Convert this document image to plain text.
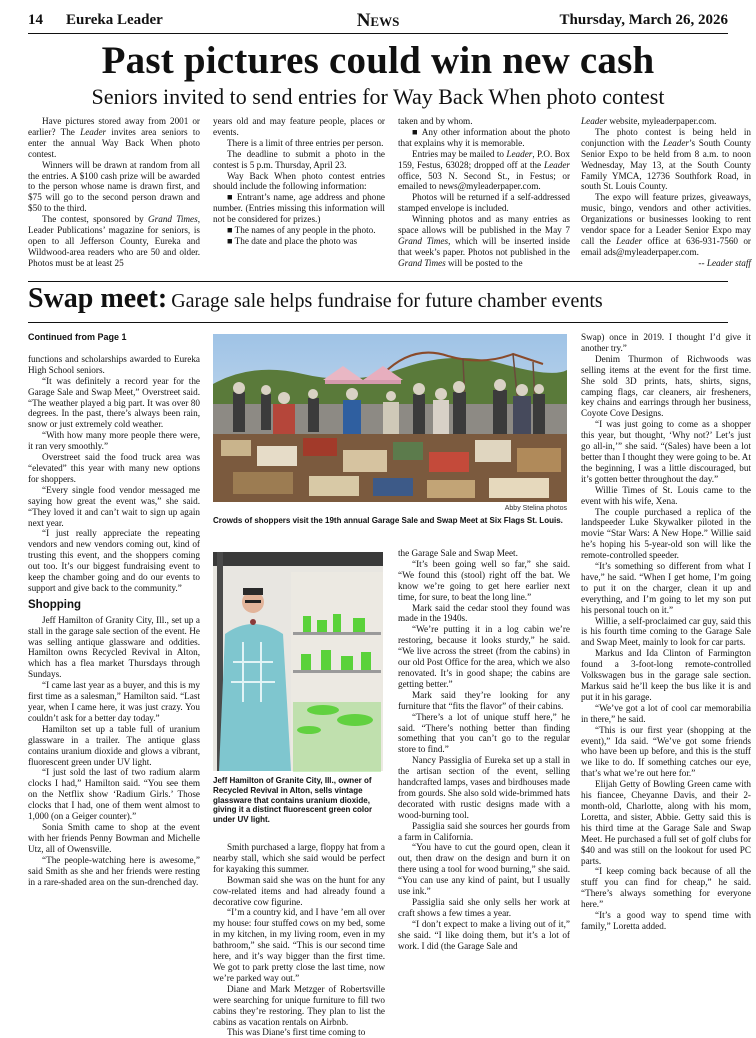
14 Eureka Leader	News	Thursday, March 26, 2026
Past pictures could win new cash
Seniors invited to send entries for Way Back When photo contest

Have pictures stored away from 2001 or earlier? The Leader invites area seniors to enter the annual Way Back When photo contest.

Winners will be drawn at random from all the entries. A $100 cash prize will be awarded to the person whose name is drawn first, and $75 will go to the second person drawn and $50 to the third.

The contest, sponsored by Grand Times, Leader Publications’ magazine for seniors, is open to all Jefferson County, Eureka and Wildwood-area readers who are 50 and older. Photos must be at least 25

years old and may feature people, places or events.

There is a limit of three entries per person.

The deadline to submit a photo in the contest is 5 p.m. Thursday, April 23.

Way Back When photo contest entries should include the following information:

■ Entrant’s name, age address and phone number. (Entries missing this information will not be considered for prizes.)

■ The names of any people in the photo.

■ The date and place the photo was

taken and by whom.

■ Any other information about the photo that explains why it is memorable.

Entries may be mailed to Leader, P.O. Box 159, Festus, 63028; dropped off at the Leader office, 503 N. Second St., in Festus; or emailed to news@myleaderpaper.com.

Photos will be returned if a self-addressed stamped envelope is included.

Winning photos and as many entries as space allows will be published in the May 7 Grand Times, which will be inserted inside that week’s paper. Photos not published in the Grand Times will be posted to the

Leader website, myleaderpaper.com.

The photo contest is being held in conjunction with the Leader’s South County Senior Expo to be held from 8 a.m. to noon Wednesday, May 13, at the South County Family YMCA, 12736 Southfork Road, in south St. Louis County.

The expo will feature prizes, giveaways, music, bingo, vendors and other activities. Organizations or businesses looking to rent vendor space for a Leader Senior Expo may call the Leader office at 636-931-7560 or email ads@myleaderpaper.com.

-- Leader staff

Swap meet: Garage sale helps fundraise for future chamber events

Continued from Page 1

functions and scholarships awarded to Eureka High School seniors.

“It was definitely a record year for the Garage Sale and Swap Meet,” Overstreet said. “The weather played a big part. It was over 80 degrees. In the past, there’s always been rain, snow or just extremely cold weather.

“With how many more people there were, it ran very smoothly.”

Overstreet said the food truck area was “elevated” this year with many new options for shoppers.

“Every single food vendor messaged me saying how great the event was,” she said. “They loved it and can’t wait to sign up again next year.

“I just really appreciate the repeating vendors and new vendors coming out, kind of trusting this event, and the shoppers coming out too. It’s our biggest fundraising event to keep the chamber going and do our events to support and give back to the community.”

Shopping

Jeff Hamilton of Granity City, Ill., set up a stall in the garage sale section of the event. He was selling antique glassware and oddities. Hamilton owns Recycled Revival in Alton, which has a flea market Thursdays through Sundays.

“I came last year as a buyer, and this is my first time as a salesman,” Hamilton said. “Last year, when I came here, it was just crazy. You couldn’t ask for a better day today.”

Hamilton set up a table full of uranium glassware in a trailer. The antique glass contains uranium dioxide and glows a vibrant, fluorescent green under UV light.

“I just sold the last of two radium alarm clocks I had,” Hamilton said. “You see them on the Netflix show ‘Radium Girls.’ Those clocks that I had, one of them went almost to 1,000 (on a Geiger counter).”

Sonia Smith came to shop at the event with her friends Penny Bowman and Michelle Utz, all of Owensville.

“The people-watching here is awesome,” said Smith as she and her friends were resting in a rare-shaded area on the sun-drenched day.

Abby Stelina photos
Crowds of shoppers visit the 19th annual Garage Sale and Swap Meet at Six Flags St. Louis.
Jeff Hamilton of Granite City, Ill., owner of Recycled Revival in Alton, sells vintage glassware that contains uranium dioxide, giving it a distinct fluorescent green color under UV light.

Smith purchased a large, floppy hat from a nearby stall, which she said would be perfect for kayaking this summer.

Bowman said she was on the hunt for any cow-related items and had already found a decorative cow figurine.

“I’m a country kid, and I have ’em all over my house: four stuffed cows on my bed, some in my kitchen, in my living room, even in my bathroom,” she said. “This is our second time here, and it’s way bigger than the first time. We got to park pretty close the last time, now we’re parked way out.”

Diane and Mark Metzger of Robertsville were searching for unique furniture to fill two cabins they’re restoring. They plan to list the cabins as vacation rentals on Airbnb.

This was Diane’s first time coming to

the Garage Sale and Swap Meet.

“It’s been going well so far,” she said. “We found this (stool) right off the bat. We know we’re going to get here earlier next time, for sure, to beat the long line.”

Mark said the cedar stool they found was made in the 1940s.

“We’re putting it in a log cabin we’re restoring, because it looks sturdy,” he said. “We live across the street (from the cabins) in our old Post Office for the area, which we also renovated. It’s in good shape; the cabins are getting better.”

Mark said they’re looking for any furniture that “fits the flavor” of their cabins.

“There’s a lot of unique stuff here,” he said. “There’s nothing better than finding something that you can’t go to the regular store to find.”

Nancy Passiglia of Eureka set up a stall in the artisan section of the event, selling handcrafted lamps, vases and birdhouses made from gourds. She also sold wide-brimmed hats decorated with rustic designs made with a wood-burning tool.

Passiglia said she sources her gourds from a farm in California.

“You have to cut the gourd open, clean it out, then draw on the design and burn it on there using a tool for wood burning,” she said. “You can use any kind of paint, but I usually use ink.”

Passiglia said she only sells her work at craft shows a few times a year.

“I don’t expect to make a living out of it,” she said. “I like doing them, but it’s a lot of work. I did (the Garage Sale and

Swap) once in 2019. I thought I’d give it another try.”

Denim Thurmon of Richwoods was selling items at the event for the first time. She sold 3D prints, hats, shirts, signs, camping flags, car cleaners, air fresheners, key chains and earrings through her business, Coyote Cove Designs.

“I was just going to come as a shopper this year, but thought, ‘Why not?’ Let’s just go all-in,’” she said. “(Sales) have been a lot better than I thought they were going to be. At the beginning, I was a little discouraged, but it’s gotten better throughout the day.”

Willie Times of St. Louis came to the event with his wife, Xena.

The couple purchased a replica of the landspeeder Luke Skywalker piloted in the movie “Star Wars: A New Hope.” Willie said he’s hoping his 5-year-old son will like the remote-controlled speeder.

“It’s something so different from what I have,” he said. “When I get home, I’m going to put it on the charger, clean it up and everything, and I’m going to let my son put his personal touch on it.”

Willie, a self-proclaimed car guy, said this is his fourth time coming to the Garage Sale and Swap Meet, mainly to look for car parts.

Markus and Ida Clinton of Farmington found a 3-foot-long remote-controlled Volkswagen bus in the garage sale section. Markus said he’ll keep the bus like it is and put it in his garage.

“We’ve got a lot of cool car memorabilia in there,” he said.

“This is our first year (shopping at the event),” Ida said. “We’ve got some friends who have been up before, and this is the stuff we like to do. If something catches our eye, that’s what we’re out here for.”

Elijah Getty of Bowling Green came with his fiancee, Cheyanne Davis, and their 2-month-old, Charlotte, along with his mom, Loretta, and sister, Abbie. Getty said this is his third time at the Garage Sale and Swap Meet. He purchased a full set of golf clubs for $40 and was still on the lookout for used PC parts.

“I keep coming back because of all the stuff you can find for cheap,” he said. “There’s always something for everyone here.”

“It’s a good way to spend time with family,” Loretta added.
